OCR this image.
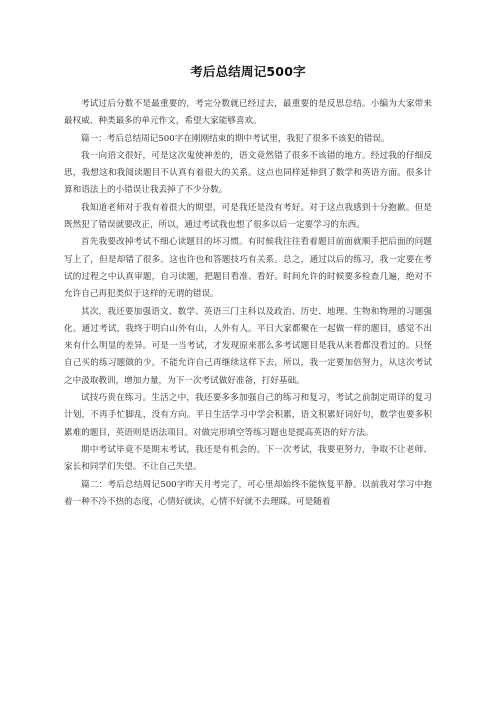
考后总结周记500字

考试过后分数不是最重要的，考完分数就已经过去，最重要的是反思总结。小编为大家带来最权威、种类最多的单元作文，希望大家能够喜欢。

篇一：考后总结周记500字在刚刚结束的期中考试里，我犯了很多不该犯的错误。

我一向语文很好，可是这次鬼使神差的，语文竟然错了很多不该错的地方。经过我的仔细反思，我想这和我阅读题目不认真有着很大的关系。这点也同样延伸到了数学和英语方面。很多计算和语法上的小错误让我丢掉了不少分数。

我知道老师对于我有着很大的期望，可是我还是没有考好。对于这点我感到十分抱歉。但是既然犯了错误就要改正，所以，通过考试我也想了很多以后一定要学习的东西。

首先我要改掉考试不细心读题目的坏习惯。有时候我往往看着题目前面就顺手把后面的问题写上了，但是却错了很多。这也许也和答题技巧有关系。总之，通过以后的练习，我一定要在考试的过程之中认真审题，自习读题，把题目看准、看好。时间允许的时候要多检查几遍，绝对不允许自己再犯类似于这样的无谓的错误。

其次，我还要加强语文、数学、英语三门主科以及政治、历史、地理、生物和物理的习题强化。通过考试，我终于明白山外有山，人外有人。平日大家都聚在一起做一样的题目，感觉不出来有什么明显的差异。可是一当考试，才发现原来那么多考试题目是我从来看都没看过的。只怪自己买的练习题做的少。不能允许自己再继续这样下去，所以，我一定要加倍努力，从这次考试之中汲取教训，增加力量，为下一次考试做好准备，打好基础。

试技巧贵在练习。生活之中，我还要多多加强自己的练习和复习，考试之前制定周详的复习计划，不再手忙脚乱，没有方向。平日生活学习中学会积累，语文积累好词好句，数学也要多积累难的题目，英语则是语法项目。对做完形填空等练习题也是提高英语的好方法。

期中考试毕竟不是期末考试，我还是有机会的。下一次考试，我要更努力，争取不让老师、家长和同学们失望。不让自己失望。

篇二：考后总结周记500字昨天月考完了，可心里却始终不能恢复平静。以前我对学习中抱着一种不冷不热的态度，心情好就读，心情不好就不去理睬。可是随着
